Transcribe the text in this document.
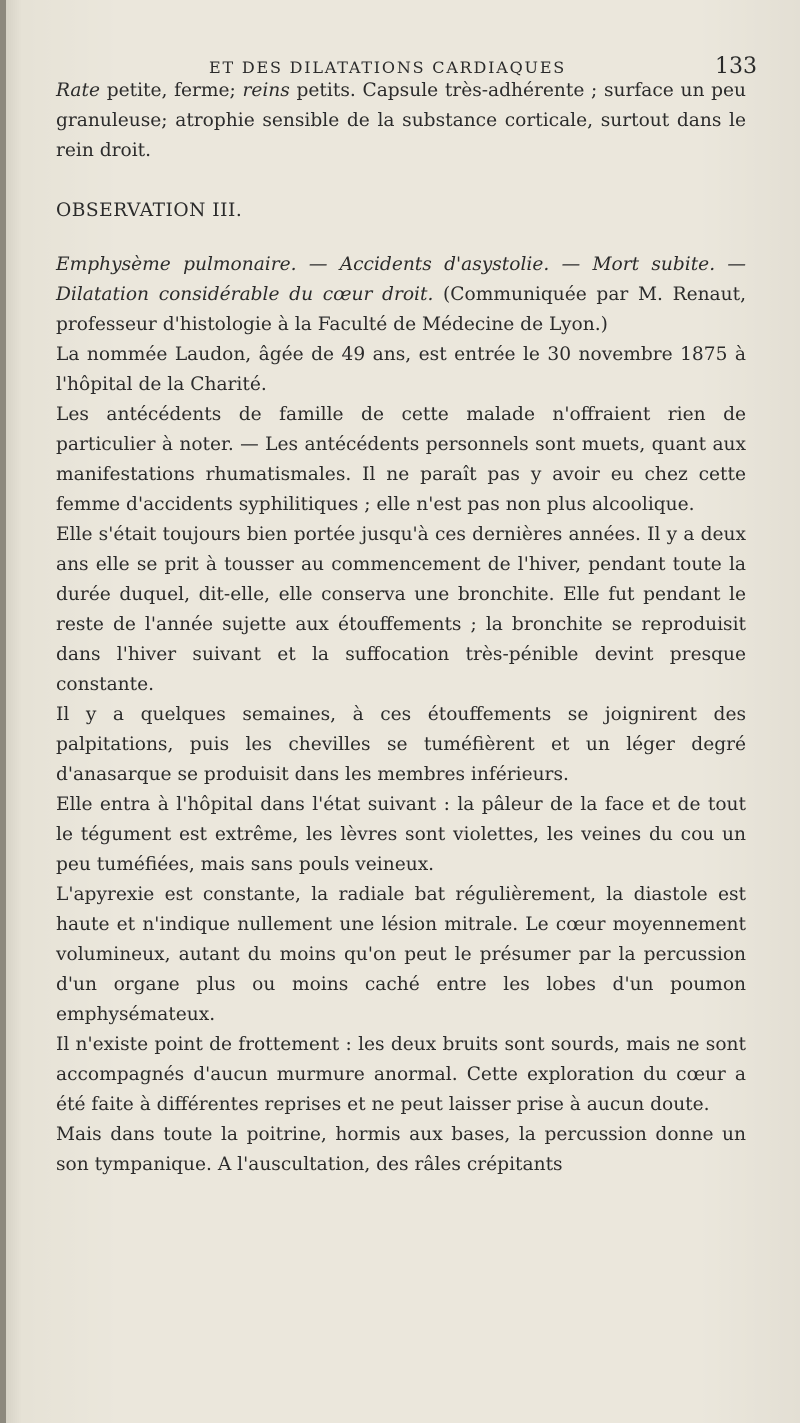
ET DES DILATATIONS CARDIAQUES	133

Rate petite, ferme; reins petits. Capsule très-adhérente ; surface un peu granuleuse; atrophie sensible de la substance corticale, surtout dans le rein droit.

OBSERVATION III.

Emphysème pulmonaire. — Accidents d'asystolie. — Mort subite. — Dilatation considérable du cœur droit. (Communiquée par M. Renaut, professeur d'histologie à la Faculté de Médecine de Lyon.)

La nommée Laudon, âgée de 49 ans, est entrée le 30 novembre 1875 à l'hôpital de la Charité.

Les antécédents de famille de cette malade n'offraient rien de particulier à noter. — Les antécédents personnels sont muets, quant aux manifestations rhumatismales. Il ne paraît pas y avoir eu chez cette femme d'accidents syphilitiques ; elle n'est pas non plus alcoolique.

Elle s'était toujours bien portée jusqu'à ces dernières années. Il y a deux ans elle se prit à tousser au commencement de l'hiver, pendant toute la durée duquel, dit-elle, elle conserva une bronchite. Elle fut pendant le reste de l'année sujette aux étouffements ; la bronchite se reproduisit dans l'hiver suivant et la suffocation très-pénible devint presque constante.

Il y a quelques semaines, à ces étouffements se joignirent des palpitations, puis les chevilles se tuméfièrent et un léger degré d'anasarque se produisit dans les membres inférieurs.

Elle entra à l'hôpital dans l'état suivant : la pâleur de la face et de tout le tégument est extrême, les lèvres sont violettes, les veines du cou un peu tuméfiées, mais sans pouls veineux.

L'apyrexie est constante, la radiale bat régulièrement, la diastole est haute et n'indique nullement une lésion mitrale. Le cœur moyennement volumineux, autant du moins qu'on peut le présumer par la percussion d'un organe plus ou moins caché entre les lobes d'un poumon emphysémateux.

Il n'existe point de frottement : les deux bruits sont sourds, mais ne sont accompagnés d'aucun murmure anormal. Cette exploration du cœur a été faite à différentes reprises et ne peut laisser prise à aucun doute.

Mais dans toute la poitrine, hormis aux bases, la percussion donne un son tympanique. A l'auscultation, des râles crépitants
